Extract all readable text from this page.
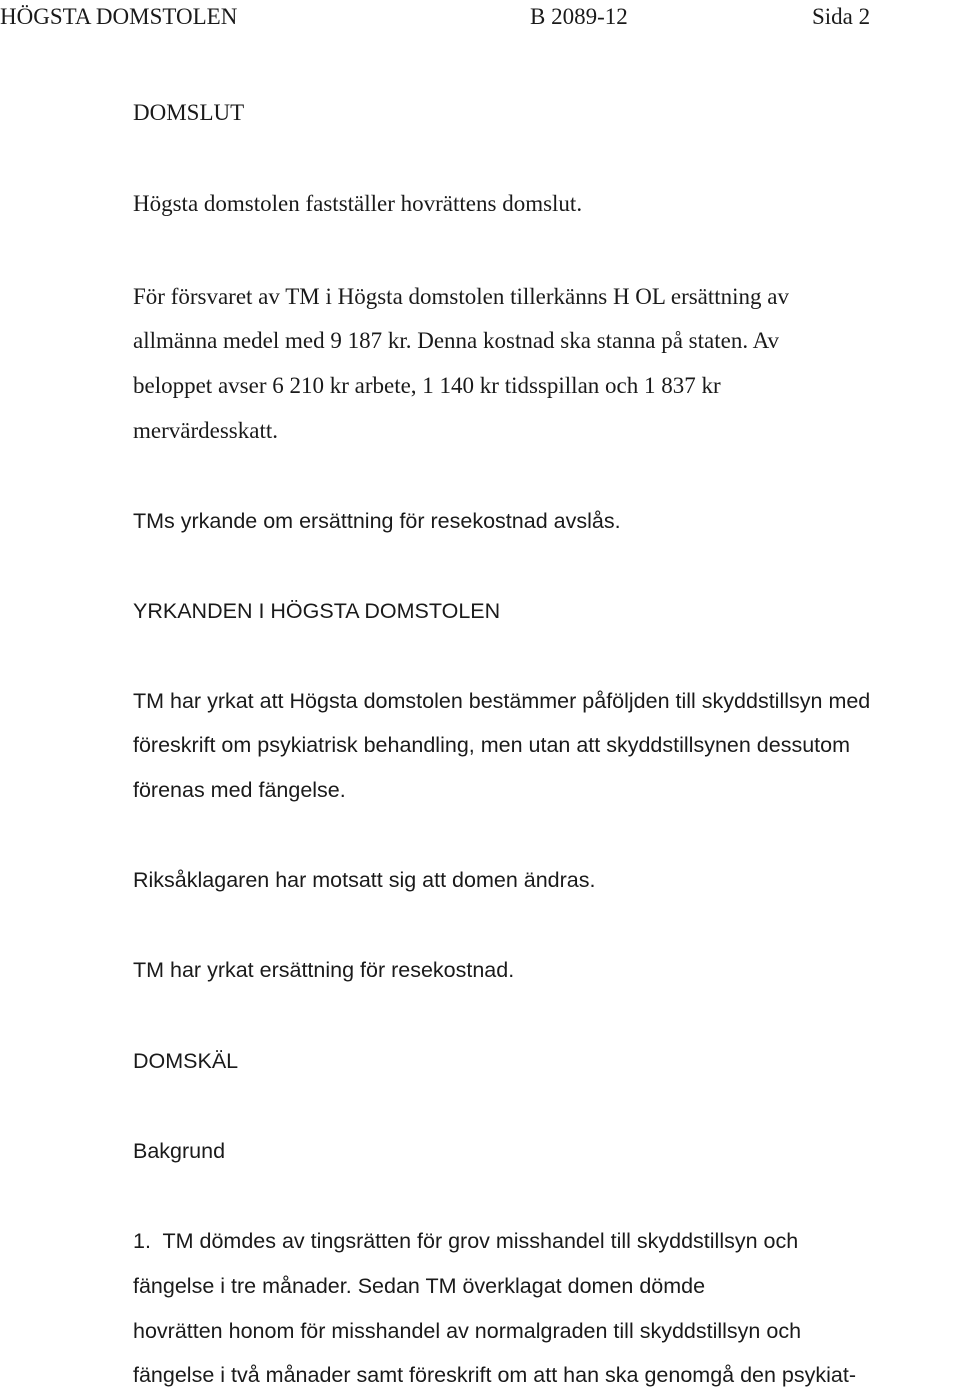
HÖGSTA DOMSTOLEN	B 2089-12	Sida 2

DOMSLUT

Högsta domstolen fastställer hovrättens domslut.

För försvaret av TM i Högsta domstolen tillerkänns H OL ersättning av

allmänna medel med 9 187 kr. Denna kostnad ska stanna på staten. Av

beloppet avser 6 210 kr arbete, 1 140 kr tidsspillan och 1 837 kr

mervärdesskatt.

TMs yrkande om ersättning för resekostnad avslås.

YRKANDEN I HÖGSTA DOMSTOLEN

TM har yrkat att Högsta domstolen bestämmer påföljden till skyddstillsyn med

föreskrift om psykiatrisk behandling, men utan att skyddstillsynen dessutom

förenas med fängelse.

Riksåklagaren har motsatt sig att domen ändras.

TM har yrkat ersättning för resekostnad.

DOMSKÄL

Bakgrund

1.  TM dömdes av tingsrätten för grov misshandel till skyddstillsyn och

fängelse i tre månader. Sedan TM överklagat domen dömde

hovrätten honom för misshandel av normalgraden till skyddstillsyn och

fängelse i två månader samt föreskrift om att han ska genomgå den psykiat-
